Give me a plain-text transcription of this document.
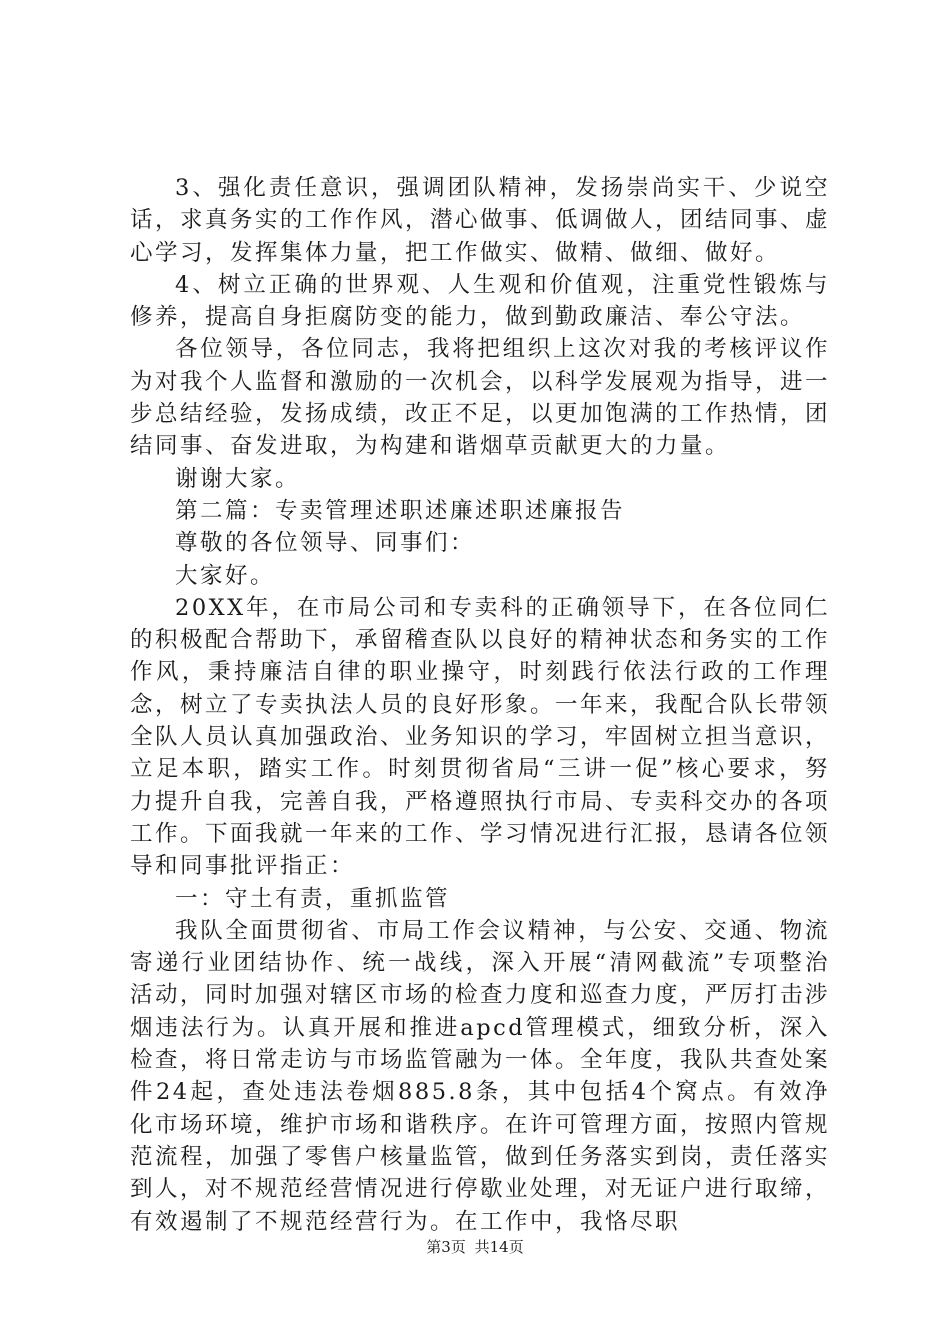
3、强化责任意识，强调团队精神，发扬崇尚实干、少说空话，求真务实的工作作风，潜心做事、低调做人，团结同事、虚心学习，发挥集体力量，把工作做实、做精、做细、做好。

4、树立正确的世界观、人生观和价值观，注重党性锻炼与修养，提高自身拒腐防变的能力，做到勤政廉洁、奉公守法。

各位领导，各位同志，我将把组织上这次对我的考核评议作为对我个人监督和激励的一次机会，以科学发展观为指导，进一步总结经验，发扬成绩，改正不足，以更加饱满的工作热情，团结同事、奋发进取，为构建和谐烟草贡献更大的力量。

谢谢大家。

第二篇：专卖管理述职述廉述职述廉报告

尊敬的各位领导、同事们：

大家好。

20XX年，在市局公司和专卖科的正确领导下，在各位同仁的积极配合帮助下，承留稽查队以良好的精神状态和务实的工作作风，秉持廉洁自律的职业操守，时刻践行依法行政的工作理念，树立了专卖执法人员的良好形象。一年来，我配合队长带领全队人员认真加强政治、业务知识的学习，牢固树立担当意识，立足本职，踏实工作。时刻贯彻省局“三讲一促”核心要求，努力提升自我，完善自我，严格遵照执行市局、专卖科交办的各项工作。下面我就一年来的工作、学习情况进行汇报，恳请各位领导和同事批评指正：

一：守土有责，重抓监管

我队全面贯彻省、市局工作会议精神，与公安、交通、物流寄递行业团结协作、统一战线，深入开展“清网截流”专项整治活动，同时加强对辖区市场的检查力度和巡查力度，严厉打击涉烟违法行为。认真开展和推进apcd管理模式，细致分析，深入检查，将日常走访与市场监管融为一体。全年度，我队共查处案件24起，查处违法卷烟885.8条，其中包括4个窝点。有效净化市场环境，维护市场和谐秩序。在许可管理方面，按照内管规范流程，加强了零售户核量监管，做到任务落实到岗，责任落实到人，对不规范经营情况进行停歇业处理，对无证户进行取缔，有效遏制了不规范经营行为。在工作中，我恪尽职

第3页 共14页
